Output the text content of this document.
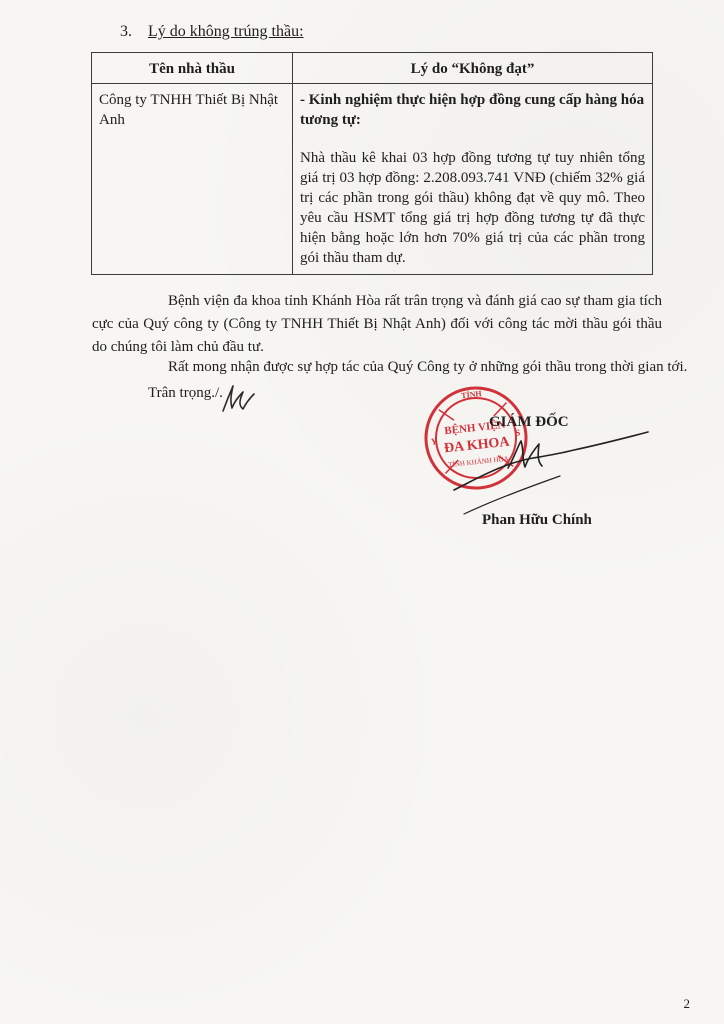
3. Lý do không trúng thầu:
Tên nhà thầu	Lý do “Không đạt”
Công ty TNHH Thiết Bị Nhật Anh	- Kinh nghiệm thực hiện hợp đồng cung cấp hàng hóa tương tự:
Nhà thầu kê khai 03 hợp đồng tương tự tuy nhiên tổng giá trị 03 hợp đồng: 2.208.093.741 VNĐ (chiếm 32% giá trị các phần trong gói thầu) không đạt về quy mô. Theo yêu cầu HSMT tổng giá trị hợp đồng tương tự đã thực hiện bằng hoặc lớn hơn 70% giá trị của các phần trong gói thầu tham dự.
Bệnh viện đa khoa tỉnh Khánh Hòa rất trân trọng và đánh giá cao sự tham gia tích cực của Quý công ty (Công ty TNHH Thiết Bị Nhật Anh) đối với công tác mời thầu gói thầu do chúng tôi làm chủ đầu tư.
Rất mong nhận được sự hợp tác của Quý Công ty ở những gói thầu trong thời gian tới.
Trân trọng./.	TỈNH
Y
S
BỆNH VIỆN
ĐA KHOA
TỈNH KHÁNH HÒA
GIÁM ĐỐC
Phan Hữu Chính
2
